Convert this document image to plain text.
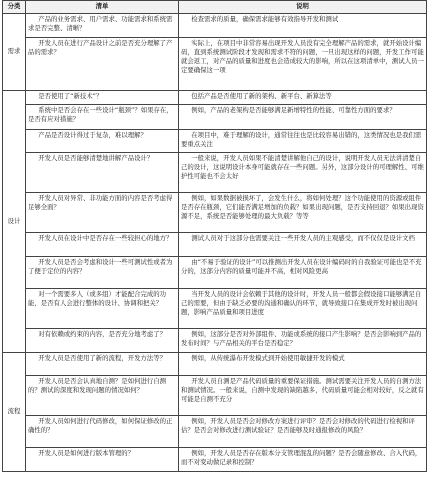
分类	清单	说明
需求	产品的业务需求、用户需求、功能需求和系统需求是否完整、清晰？	检查需求的质量，确保需求能够有效指导开发和测试
	开发人员在进行产品设计之前是否充分理解了产品的需求？	实际上，在项目中非常容易出现开发人员没有完全理解产品的需求，就开始设计编码，直到系统测试阶段才发现和需求不符的问题，一旦出现这样的问题，开发工作可能就会返工，对产品的质量和进度也会造成较大的影响，所以在这项清单中，测试人员一定要确保这一项
设计	是否使用了“新技术”？	包括产品是否使用了新的架构、新平台、新算法等
	系统中是否会存在一些设计“瓶颈”？如果存在，是否有应对措施？	例如，产品的老架构是否能够满足新增特性的性能、可靠性方面的要求？
	产品是否设计得过于复杂，难以理解？	在项目中，难于理解的设计，通常往往也是比较容易出错的，这类情况也是我们需要重点关注
	开发人员是否能够清楚地讲解产品设计？	一般来说，开发人员如果不能清楚讲解他自己的设计，说明开发人员无法讲清楚自己的设计，这说明设计本身可能就存在一些问题。另外，这部分设计的可理解性、可维护性可能也不会太好
	开发人员对异常、非功能方面的内容是否考虑得足够全面？	例如，如果数据被损坏了，会发生什么，将如何处理？这个功能使用的资源或组件是否存在瓶颈，它们能否满足增加的负载？如果出现问题，是否支持回退？如果出现资源不足，系统是否能够处理的最大负载？等等
	开发人员在设计中是否存在一些较担心的地方？	测试人员对于这部分也需要关注一些开发人员的主观感受，而不仅仅是设计文档
	开发人员是否会考虑和设计一些可测试性或者为了便于定位的内容？	由“不易于验证的设计”可以推测出开发人员在设计编码时的自我验证可能也是不充分的，这部分内容的质量可能并不高，相对风险更高
	对一个需要多人（或多组）才能配合完成的功能，是否有人会进行整体的设计、协调和把关？	当开发人员的设计会依赖于其他的设计时，开发人员一般都会假设接口能够满足自己的需要，但由于缺乏必要的沟通和确认的环节，就导致接口在集成开发时被出现问题，影响产品质量和项目进度
	对有依赖或约束的内容，是否充分地考虑了？	例如，这部分是否对外部组件、功能或系统的接口产生影响？是否会影响到产品的发布时间？与产品相关的平台是否稳定？
流程	开发人员是否使用了新的流程，开发方法等？	例如，从传统瀑布开发模式到开始使用敏捷开发的模式
	开发人员是否会认真地自测？是如何进行自测的？测试的深度和发现问题的情况如何？	开发人员自测是产品代码质量的重要保证措施。测试需要关注开发人员的自测方法和测试情况。一般来说，自测中发现的缺陷越多，代码质量可能会相对较好，反之就有可能是自测不充分
	开发人员如何进行代码修改，如何保证修改的正确性的？	例如，开发人员是否会对修改方案进行评审？是否会对修改的代码进行检视和评估？是否会对修改进行测试验证？是否能够及时通报修改的风险？
	开发人员是如何进行版本管理的？	例如，开发人员是否存在版本分支管理混乱的问题？是否会随意修改、合入代码，而不对变动做记录和控制？
